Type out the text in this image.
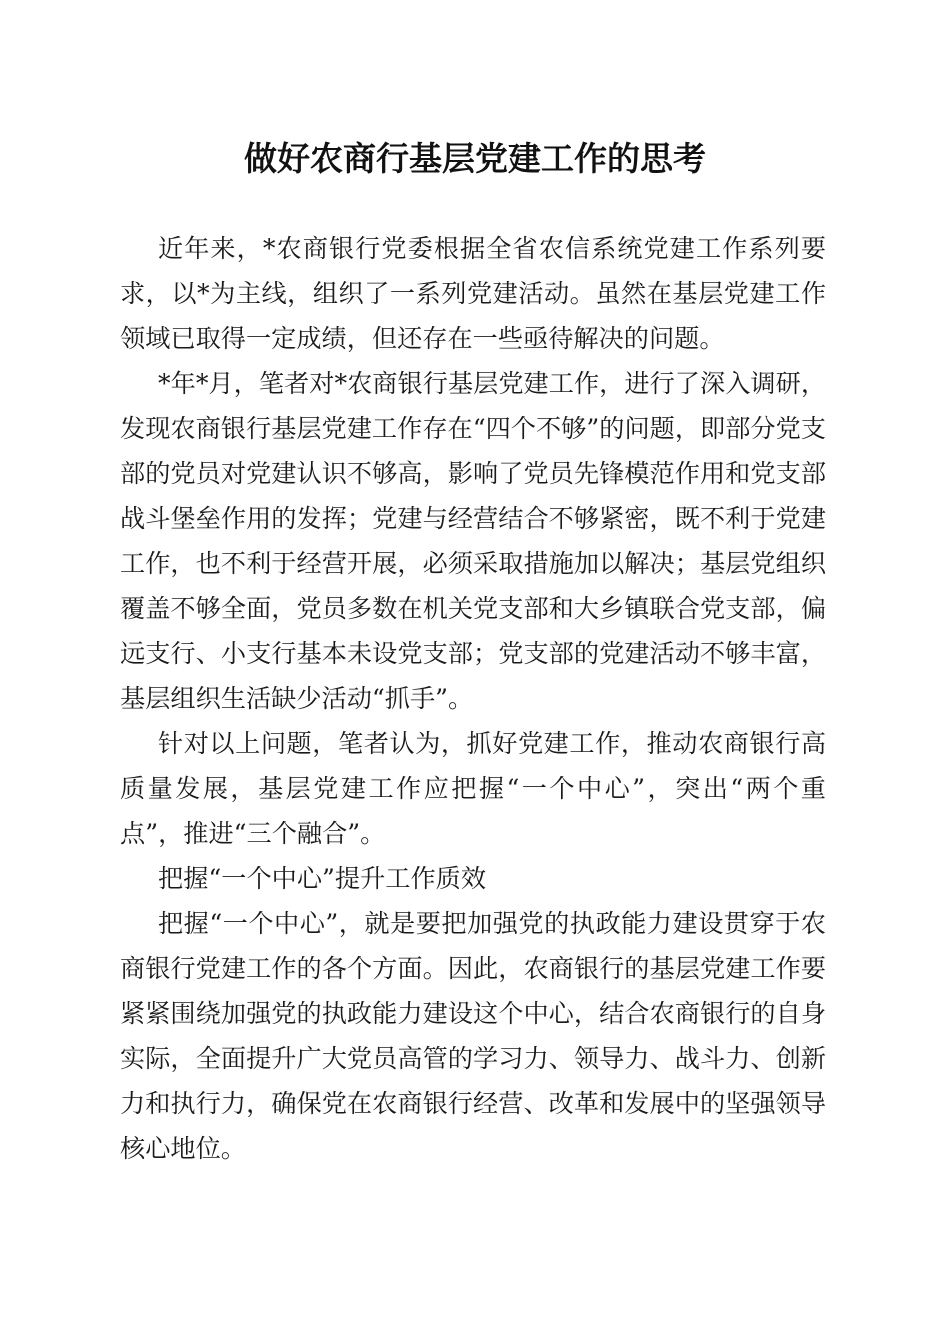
做好农商行基层党建工作的思考

近年来，*农商银行党委根据全省农信系统党建工作系列要求，以*为主线，组织了一系列党建活动。虽然在基层党建工作领域已取得一定成绩，但还存在一些亟待解决的问题。

*年*月，笔者对*农商银行基层党建工作，进行了深入调研，发现农商银行基层党建工作存在“四个不够”的问题，即部分党支部的党员对党建认识不够高，影响了党员先锋模范作用和党支部战斗堡垒作用的发挥；党建与经营结合不够紧密，既不利于党建工作，也不利于经营开展，必须采取措施加以解决；基层党组织覆盖不够全面，党员多数在机关党支部和大乡镇联合党支部，偏远支行、小支行基本未设党支部；党支部的党建活动不够丰富，基层组织生活缺少活动“抓手”。

针对以上问题，笔者认为，抓好党建工作，推动农商银行高质量发展，基层党建工作应把握“一个中心”，突出“两个重点”，推进“三个融合”。

把握“一个中心”提升工作质效

把握“一个中心”，就是要把加强党的执政能力建设贯穿于农商银行党建工作的各个方面。因此，农商银行的基层党建工作要紧紧围绕加强党的执政能力建设这个中心，结合农商银行的自身实际，全面提升广大党员高管的学习力、领导力、战斗力、创新力和执行力，确保党在农商银行经营、改革和发展中的坚强领导核心地位。
